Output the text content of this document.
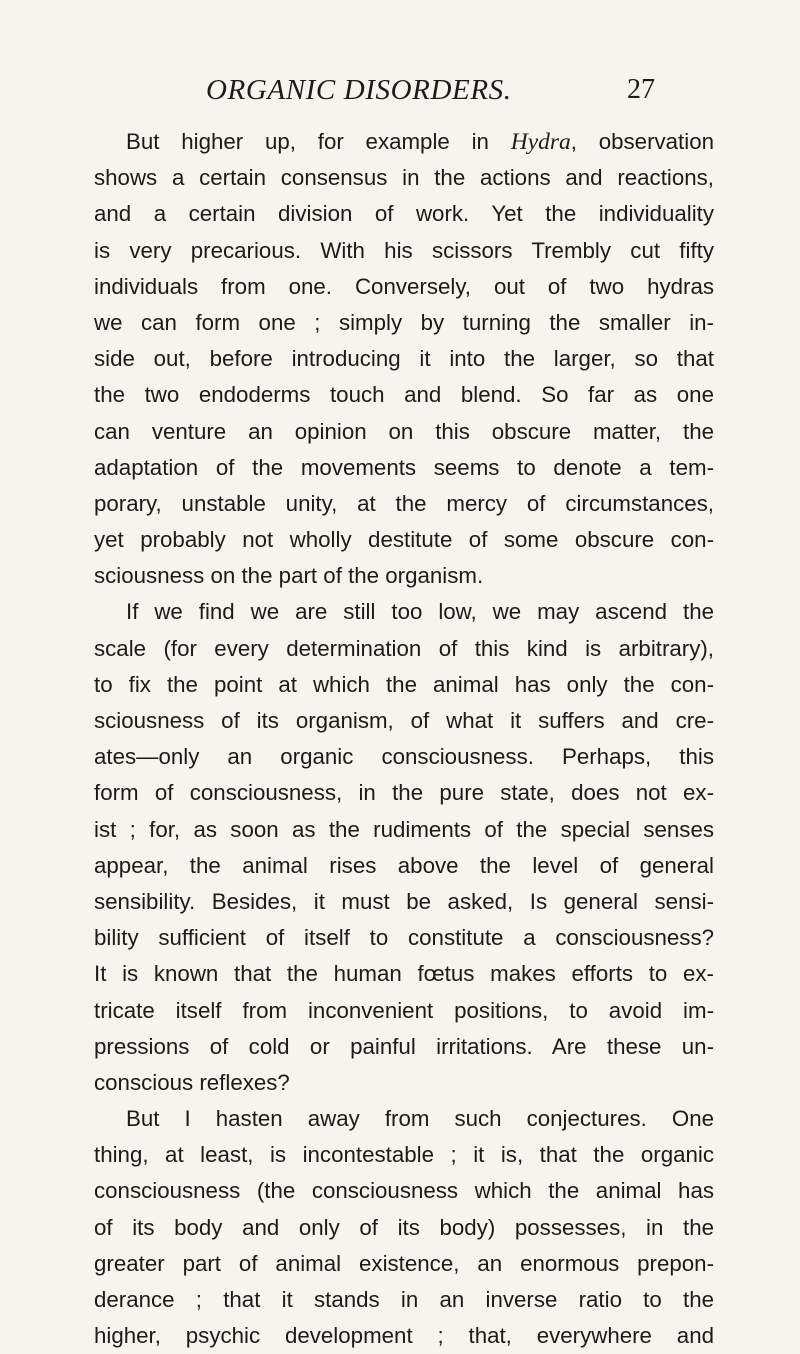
ORGANIC DISORDERS.	27
But higher up, for example in Hydra, observation
shows a certain consensus in the actions and reactions,
and a certain division of work. Yet the individuality
is very precarious. With his scissors Trembly cut fifty
individuals from one. Conversely, out of two hydras
we can form one ; simply by turning the smaller in-
side out, before introducing it into the larger, so that
the two endoderms touch and blend. So far as one
can venture an opinion on this obscure matter, the
adaptation of the movements seems to denote a tem-
porary, unstable unity, at the mercy of circumstances,
yet probably not wholly destitute of some obscure con-
sciousness on the part of the organism.
If we find we are still too low, we may ascend the
scale (for every determination of this kind is arbitrary),
to fix the point at which the animal has only the con-
sciousness of its organism, of what it suffers and cre-
ates—only an organic consciousness. Perhaps, this
form of consciousness, in the pure state, does not ex-
ist ; for, as soon as the rudiments of the special senses
appear, the animal rises above the level of general
sensibility. Besides, it must be asked, Is general sensi-
bility sufficient of itself to constitute a consciousness?
It is known that the human fœtus makes efforts to ex-
tricate itself from inconvenient positions, to avoid im-
pressions of cold or painful irritations. Are these un-
conscious reflexes?
But I hasten away from such conjectures. One
thing, at least, is incontestable ; it is, that the organic
consciousness (the consciousness which the animal has
of its body and only of its body) possesses, in the
greater part of animal existence, an enormous prepon-
derance ; that it stands in an inverse ratio to the
higher, psychic development ; that, everywhere and
